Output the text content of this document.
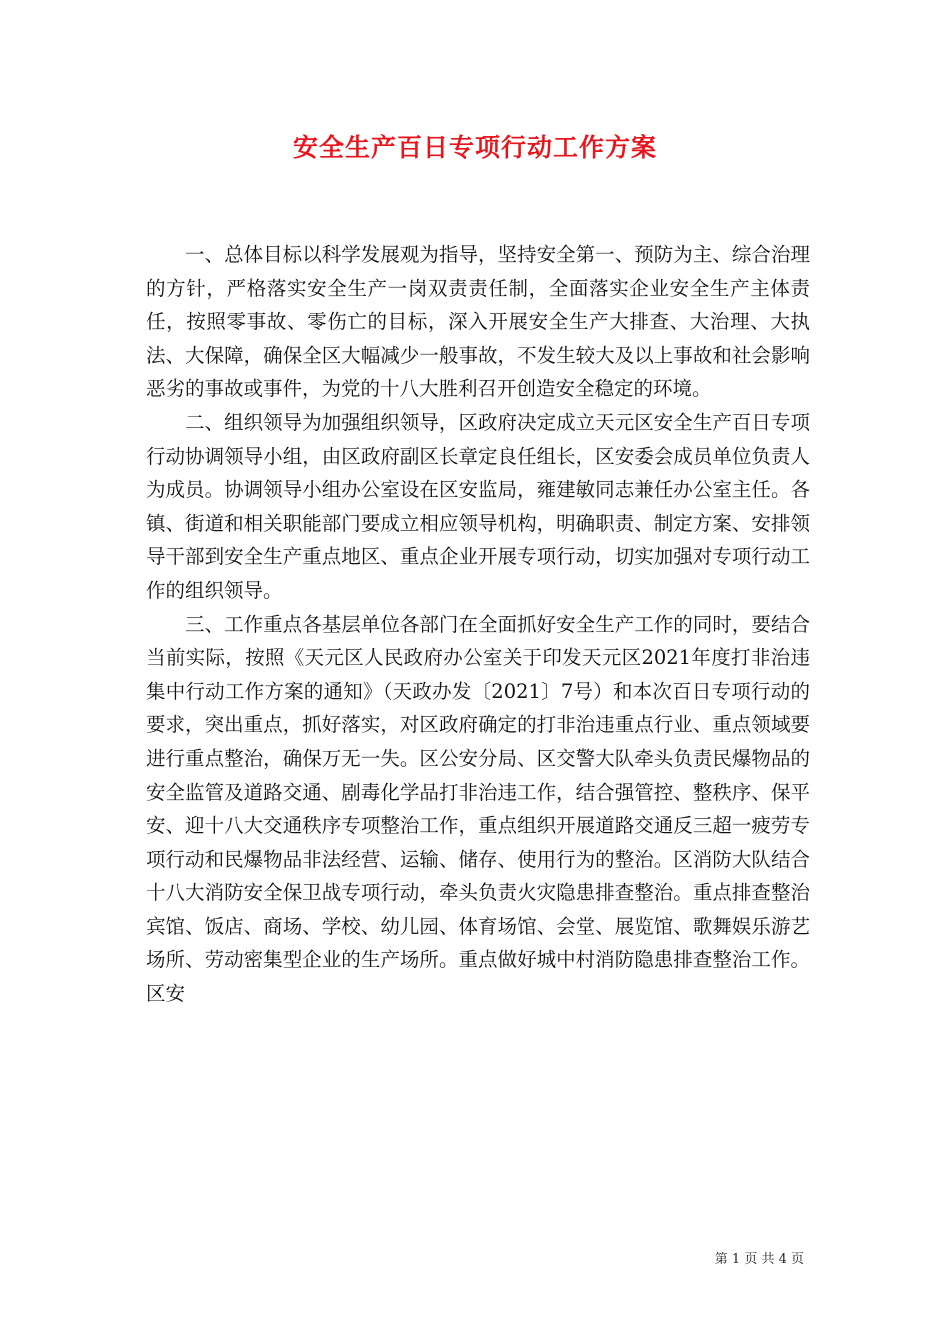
安全生产百日专项行动工作方案

一、总体目标以科学发展观为指导，坚持安全第一、预防为主、综合治理的方针，严格落实安全生产一岗双责责任制，全面落实企业安全生产主体责任，按照零事故、零伤亡的目标，深入开展安全生产大排查、大治理、大执法、大保障，确保全区大幅减少一般事故，不发生较大及以上事故和社会影响恶劣的事故或事件，为党的十八大胜利召开创造安全稳定的环境。

二、组织领导为加强组织领导，区政府决定成立天元区安全生产百日专项行动协调领导小组，由区政府副区长章定良任组长，区安委会成员单位负责人为成员。协调领导小组办公室设在区安监局，雍建敏同志兼任办公室主任。各镇、街道和相关职能部门要成立相应领导机构，明确职责、制定方案、安排领导干部到安全生产重点地区、重点企业开展专项行动，切实加强对专项行动工作的组织领导。

三、工作重点各基层单位各部门在全面抓好安全生产工作的同时，要结合当前实际，按照《天元区人民政府办公室关于印发天元区2021年度打非治违集中行动工作方案的通知》（天政办发〔2021〕7号）和本次百日专项行动的要求，突出重点，抓好落实，对区政府确定的打非治违重点行业、重点领域要进行重点整治，确保万无一失。区公安分局、区交警大队牵头负责民爆物品的安全监管及道路交通、剧毒化学品打非治违工作，结合强管控、整秩序、保平安、迎十八大交通秩序专项整治工作，重点组织开展道路交通反三超一疲劳专项行动和民爆物品非法经营、运输、储存、使用行为的整治。区消防大队结合十八大消防安全保卫战专项行动，牵头负责火灾隐患排查整治。重点排查整治宾馆、饭店、商场、学校、幼儿园、体育场馆、会堂、展览馆、歌舞娱乐游艺场所、劳动密集型企业的生产场所。重点做好城中村消防隐患排查整治工作。区安

第 1 页 共 4 页
